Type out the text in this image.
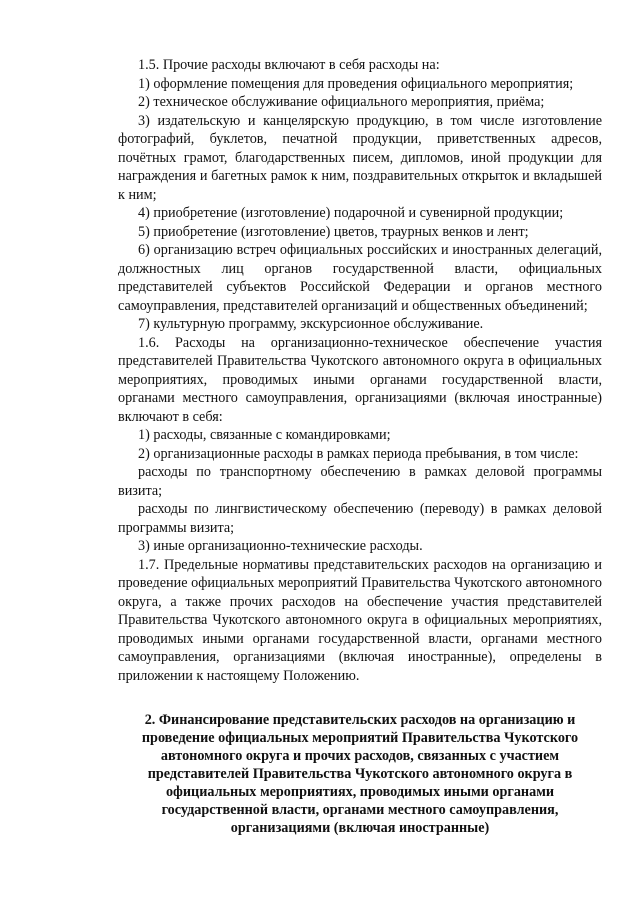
1.5. Прочие расходы включают в себя расходы на:

1) оформление помещения для проведения официального мероприятия;

2) техническое обслуживание официального мероприятия, приёма;

3) издательскую и канцелярскую продукцию, в том числе изготовление фотографий, буклетов, печатной продукции, приветственных адресов, почётных грамот, благодарственных писем, дипломов, иной продукции для награждения и багетных рамок к ним, поздравительных открыток и вкладышей к ним;

4) приобретение (изготовление) подарочной и сувенирной продукции;

5) приобретение (изготовление) цветов, траурных венков и лент;

6) организацию встреч официальных российских и иностранных делегаций, должностных лиц органов государственной власти, официальных представителей субъектов Российской Федерации и органов местного самоуправления, представителей организаций и общественных объединений;

7) культурную программу, экскурсионное обслуживание.

1.6. Расходы на организационно-техническое обеспечение участия представителей Правительства Чукотского автономного округа в официальных мероприятиях, проводимых иными органами государственной власти, органами местного самоуправления, организациями (включая иностранные) включают в себя:

1) расходы, связанные с командировками;

2) организационные расходы в рамках периода пребывания, в том числе:

расходы по транспортному обеспечению в рамках деловой программы визита;

расходы по лингвистическому обеспечению (переводу) в рамках деловой программы визита;

3) иные организационно-технические расходы.

1.7. Предельные нормативы представительских расходов на организацию и проведение официальных мероприятий Правительства Чукотского автономного округа, а также прочих расходов на обеспечение участия представителей Правительства Чукотского автономного округа в официальных мероприятиях, проводимых иными органами государственной власти, органами местного самоуправления, организациями (включая иностранные), определены в приложении к настоящему Положению.

2. Финансирование представительских расходов на организацию и проведение официальных мероприятий Правительства Чукотского автономного округа и прочих расходов, связанных с участием представителей Правительства Чукотского автономного округа в официальных мероприятиях, проводимых иными органами государственной власти, органами местного самоуправления, организациями (включая иностранные)
